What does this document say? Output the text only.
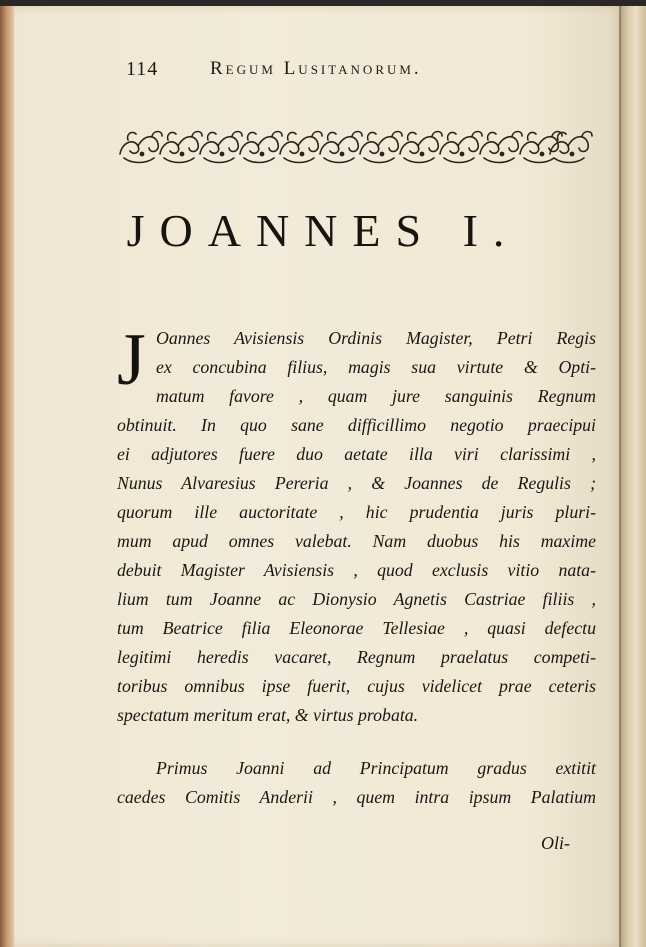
114	Regum Lusitanorum.
JOANNES I.
J Oannes Avisiensis Ordinis Magister, Petri Regis
ex concubina filius, magis sua virtute & Opti-
matum favore , quam jure sanguinis Regnum
obtinuit. In quo sane difficillimo negotio praecipui
ei adjutores fuere duo aetate illa viri clarissimi ,
Nunus Alvaresius Pereria , & Joannes de Regulis ;
quorum ille auctoritate , hic prudentia juris pluri-
mum apud omnes valebat. Nam duobus his maxime
debuit Magister Avisiensis , quod exclusis vitio nata-
lium tum Joanne ac Dionysio Agnetis Castriae filiis ,
tum Beatrice filia Eleonorae Tellesiae , quasi defectu
legitimi heredis vacaret, Regnum praelatus competi-
toribus omnibus ipse fuerit, cujus videlicet prae ceteris
spectatum meritum erat, & virtus probata.
Primus Joanni ad Principatum gradus extitit
caedes Comitis Anderii , quem intra ipsum Palatium
Oli-
